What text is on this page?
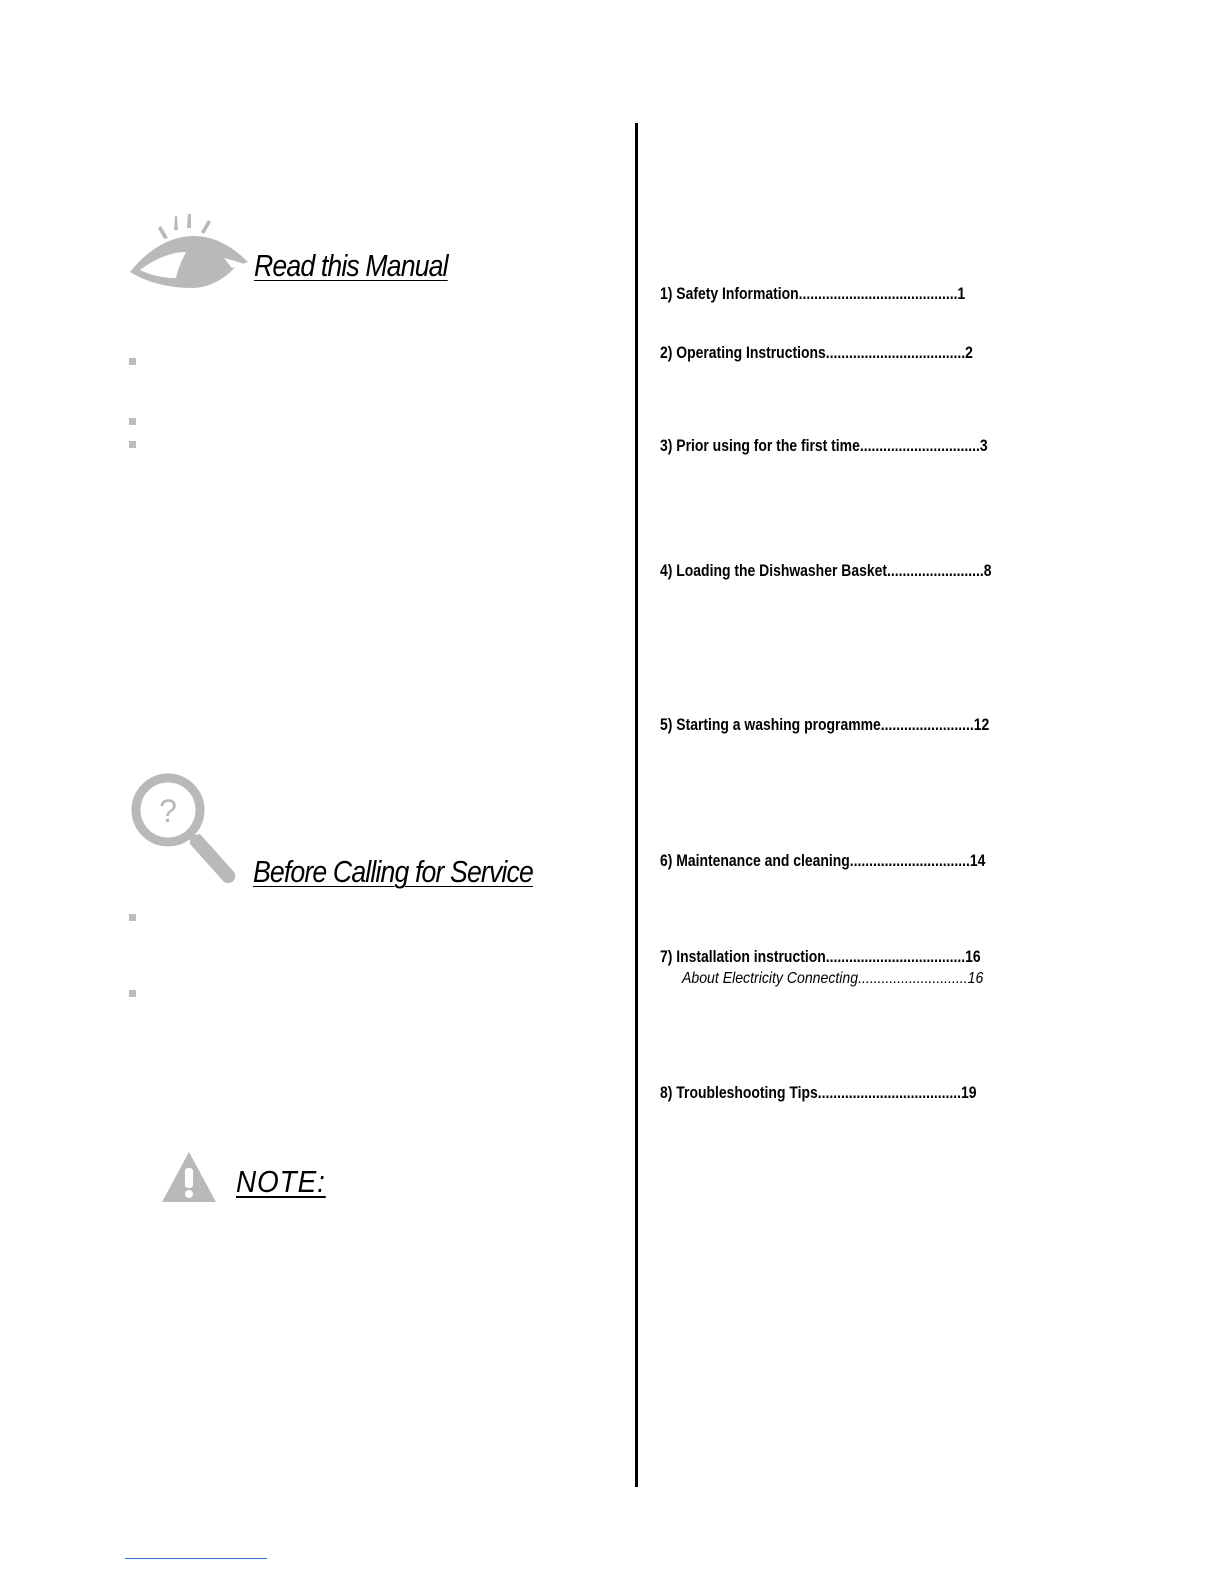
Read this Manual
?
Before Calling for Service
NOTE:
1) Safety Information.........................................1
2) Operating Instructions....................................2
3) Prior using for the first time...............................3
4) Loading the Dishwasher Basket.........................8
5) Starting a washing programme........................12
6) Maintenance and cleaning...............................14
7) Installation instruction....................................16
About Electricity Connecting............................16
8) Troubleshooting Tips.....................................19
